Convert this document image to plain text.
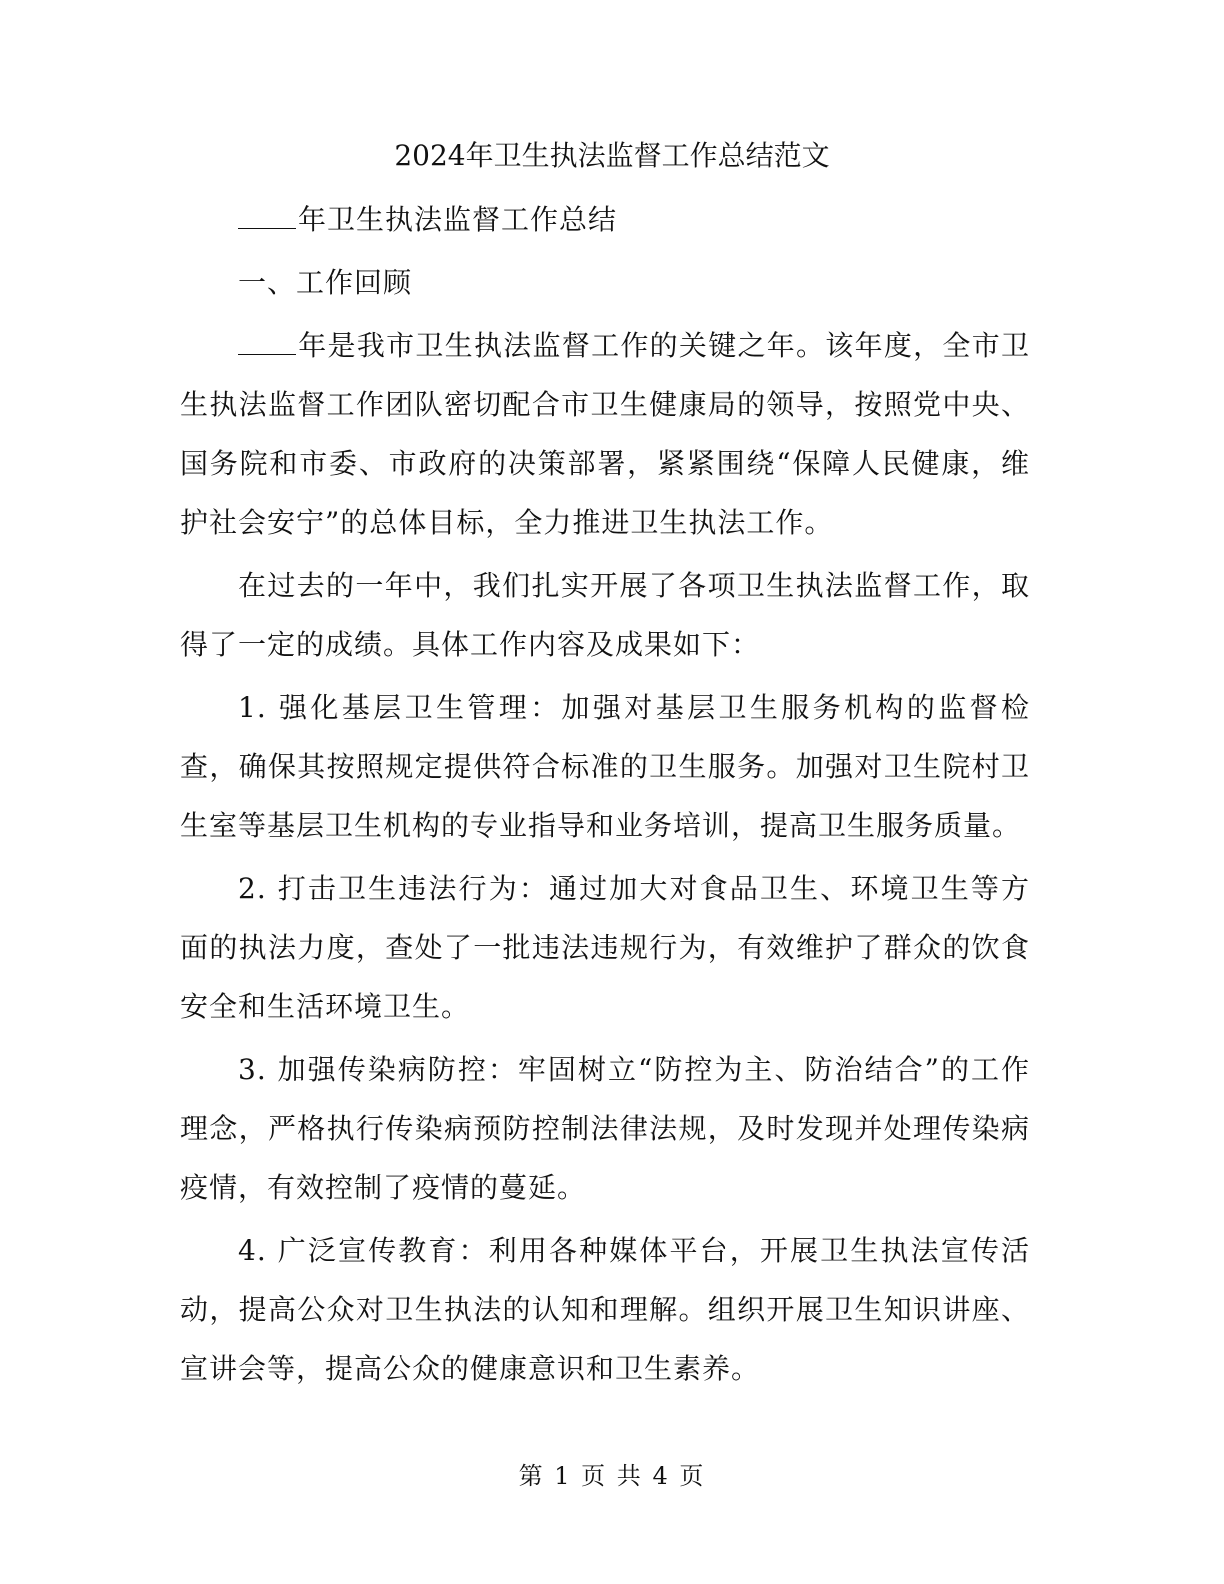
2024年卫生执法监督工作总结范文

年卫生执法监督工作总结

一、工作回顾

年是我市卫生执法监督工作的关键之年。该年度，全市卫生执法监督工作团队密切配合市卫生健康局的领导，按照党中央、国务院和市委、市政府的决策部署，紧紧围绕“保障人民健康，维护社会安宁”的总体目标，全力推进卫生执法工作。

在过去的一年中，我们扎实开展了各项卫生执法监督工作，取得了一定的成绩。具体工作内容及成果如下：

1. 强化基层卫生管理：加强对基层卫生服务机构的监督检查，确保其按照规定提供符合标准的卫生服务。加强对卫生院村卫生室等基层卫生机构的专业指导和业务培训，提高卫生服务质量。

2. 打击卫生违法行为：通过加大对食品卫生、环境卫生等方面的执法力度，查处了一批违法违规行为，有效维护了群众的饮食安全和生活环境卫生。

3. 加强传染病防控：牢固树立“防控为主、防治结合”的工作理念，严格执行传染病预防控制法律法规，及时发现并处理传染病疫情，有效控制了疫情的蔓延。

4. 广泛宣传教育：利用各种媒体平台，开展卫生执法宣传活动，提高公众对卫生执法的认知和理解。组织开展卫生知识讲座、宣讲会等，提高公众的健康意识和卫生素养。

第 1 页 共 4 页
